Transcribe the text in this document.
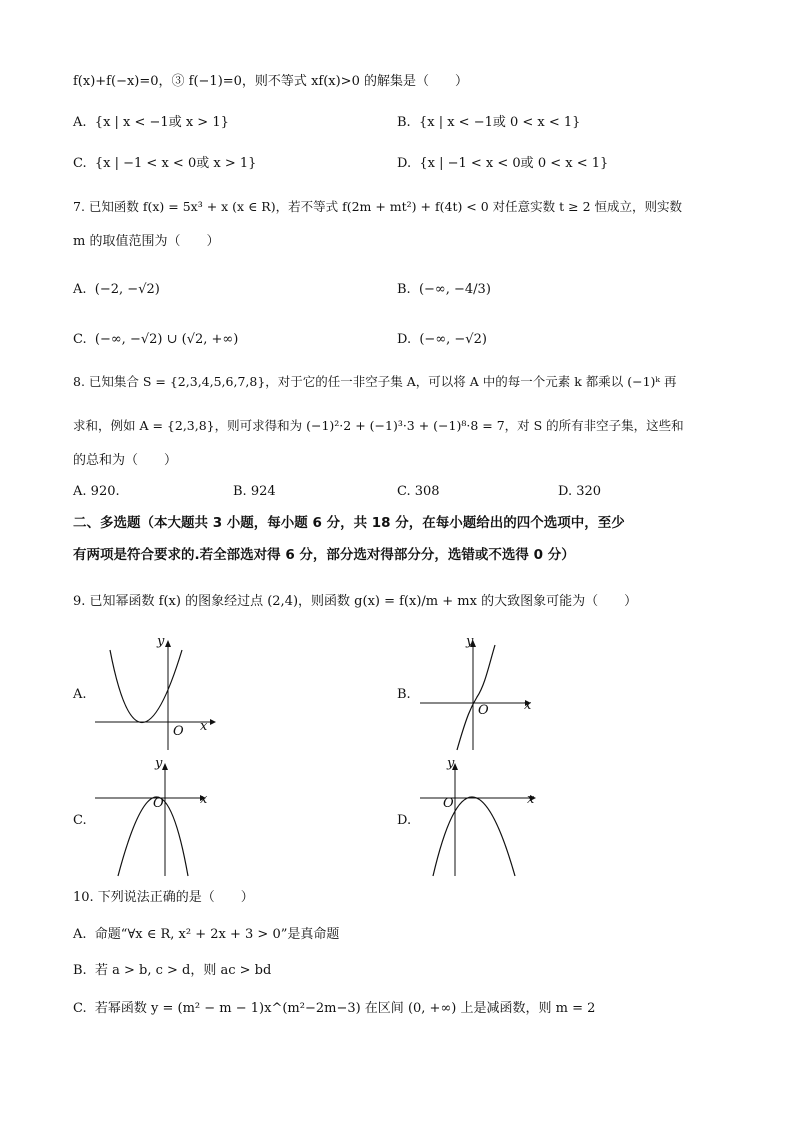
f(x)+f(−x)=0，③ f(−1)=0，则不等式 xf(x)>0 的解集是（　　）
A. {x | x < −1或 x > 1}	B. {x | x < −1或 0 < x < 1}
C. {x | −1 < x < 0或 x > 1}	D. {x | −1 < x < 0或 0 < x < 1}
7. 已知函数 f(x) = 5x³ + x (x ∈ R)，若不等式 f(2m + mt²) + f(4t) < 0 对任意实数 t ≥ 2 恒成立，则实数
m 的取值范围为（　　）
A. (−2, −√2)	B. (−∞, −4/3)
C. (−∞, −√2) ∪ (√2, +∞)	D. (−∞, −√2)
8. 已知集合 S = {2,3,4,5,6,7,8}，对于它的任一非空子集 A，可以将 A 中的每一个元素 k 都乘以 (−1)ᵏ 再
求和，例如 A = {2,3,8}，则可求得和为 (−1)²·2 + (−1)³·3 + (−1)⁸·8 = 7，对 S 的所有非空子集，这些和
的总和为（　　）
A. 920.	B. 924	C. 308	D. 320
二、多选题（本大题共 3 小题，每小题 6 分，共 18 分，在每小题给出的四个选项中，至少
有两项是符合要求的.若全部选对得 6 分，部分选对得部分分，选错或不选得 0 分）
9. 已知幂函数 f(x) 的图象经过点 (2,4)，则函数 g(x) = f(x)/m + mx 的大致图象可能为（　　）
A.
y
x
O
B.
y
x
O
C.
y
x
O
D.
y
x
O
10. 下列说法正确的是（　　）
A. 命题“∀x ∈ R, x² + 2x + 3 > 0”是真命题
B. 若 a > b, c > d，则 ac > bd
C. 若幂函数 y = (m² − m − 1)x^(m²−2m−3) 在区间 (0, +∞) 上是减函数，则 m = 2
